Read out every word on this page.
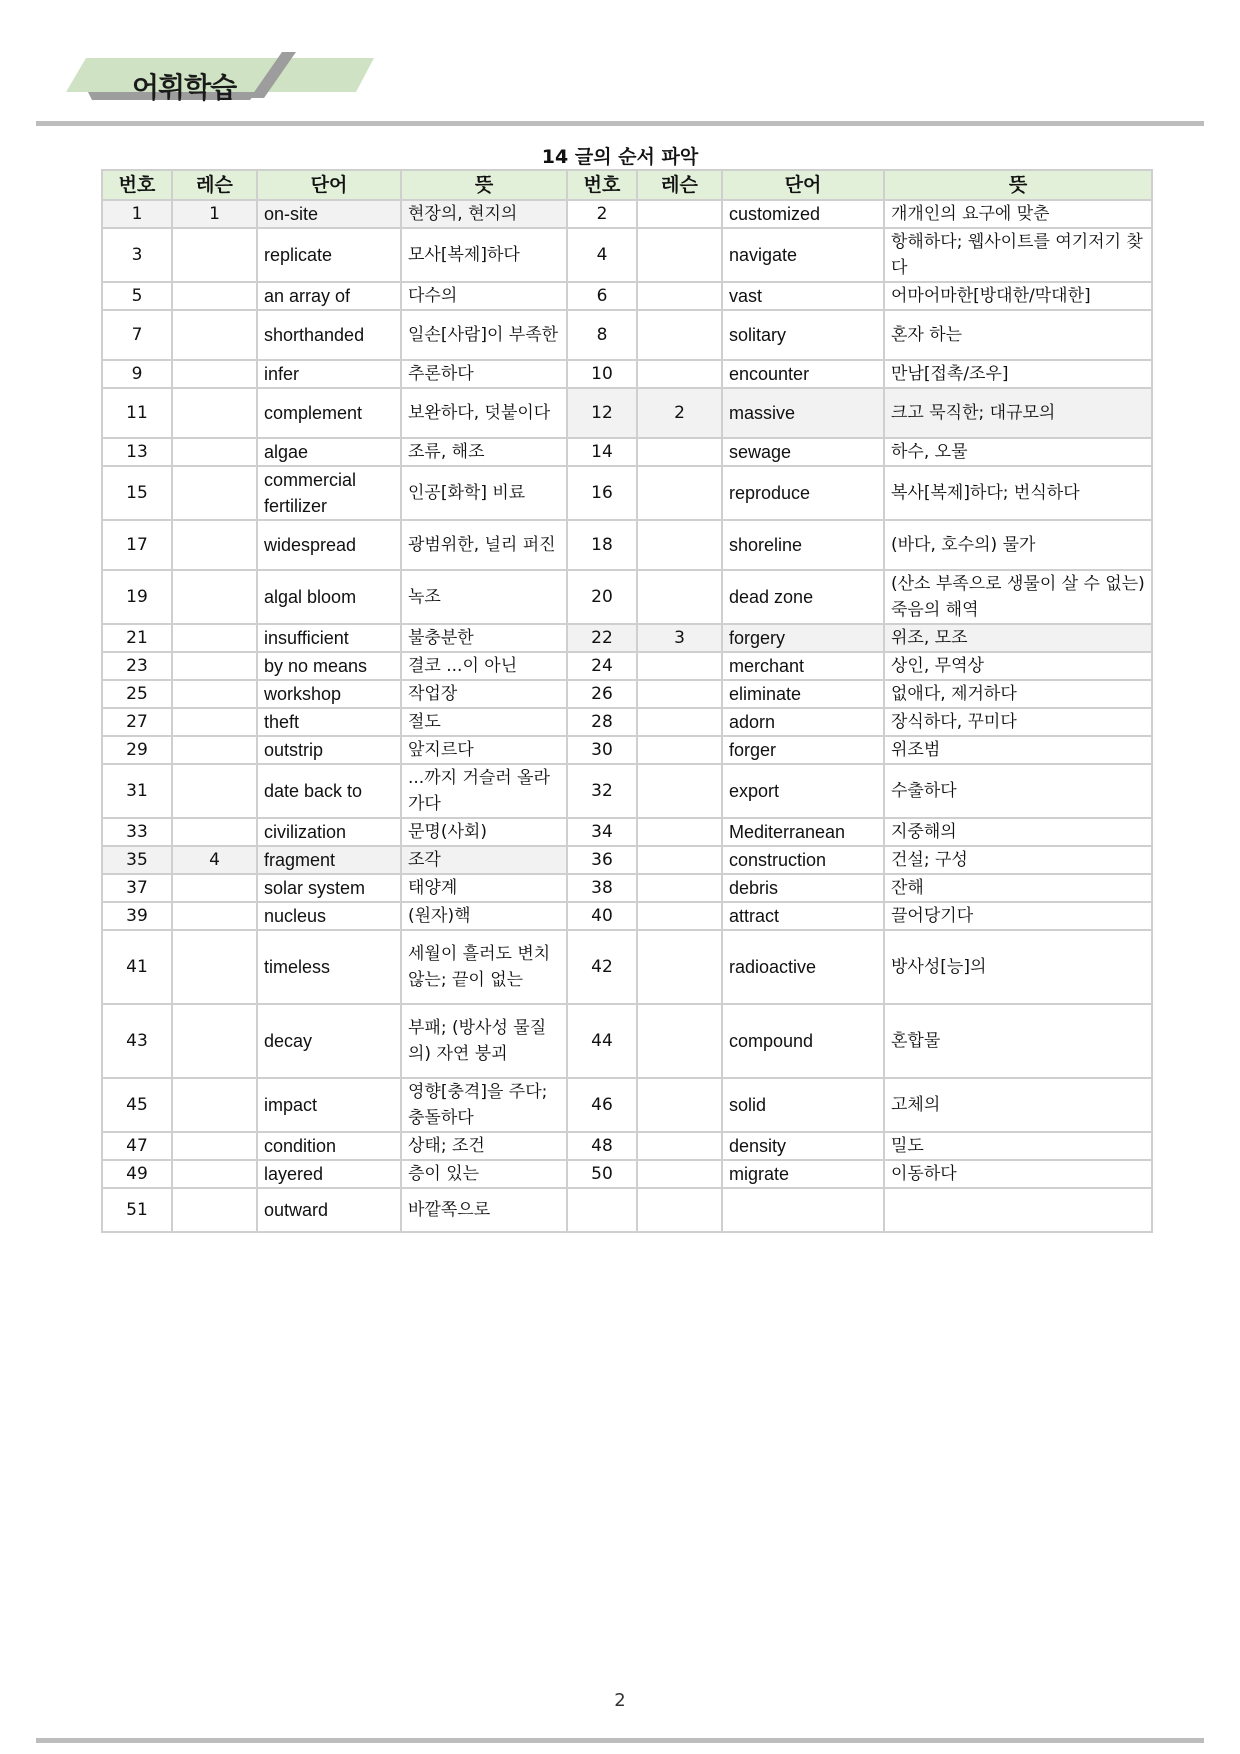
어휘학습
14 글의 순서 파악
번호	레슨	단어	뜻	번호	레슨	단어	뜻
1	1	on-site	현장의, 현지의	2		customized	개개인의 요구에 맞춘
3		replicate	모사[복제]하다	4		navigate	항해하다; 웹사이트를 여기저기 찾다
5		an array of	다수의	6		vast	어마어마한[방대한/막대한]
7		shorthanded	일손[사람]이 부족한	8		solitary	혼자 하는
9		infer	추론하다	10		encounter	만남[접촉/조우]
11		complement	보완하다, 덧붙이다	12	2	massive	크고 묵직한; 대규모의
13		algae	조류, 해조	14		sewage	하수, 오물
15		commercial fertilizer	인공[화학] 비료	16		reproduce	복사[복제]하다; 번식하다
17		widespread	광범위한, 널리 퍼진	18		shoreline	(바다, 호수의) 물가
19		algal bloom	녹조	20		dead zone	(산소 부족으로 생물이 살 수 없는) 죽음의 해역
21		insufficient	불충분한	22	3	forgery	위조, 모조
23		by no means	결코 ...이 아닌	24		merchant	상인, 무역상
25		workshop	작업장	26		eliminate	없애다, 제거하다
27		theft	절도	28		adorn	장식하다, 꾸미다
29		outstrip	앞지르다	30		forger	위조범
31		date back to	...까지 거슬러 올라가다	32		export	수출하다
33		civilization	문명(사회)	34		Mediterranean	지중해의
35	4	fragment	조각	36		construction	건설; 구성
37		solar system	태양계	38		debris	잔해
39		nucleus	(원자)핵	40		attract	끌어당기다
41		timeless	세월이 흘러도 변치 않는; 끝이 없는	42		radioactive	방사성[능]의
43		decay	부패; (방사성 물질의) 자연 붕괴	44		compound	혼합물
45		impact	영향[충격]을 주다; 충돌하다	46		solid	고체의
47		condition	상태; 조건	48		density	밀도
49		layered	층이 있는	50		migrate	이동하다
51		outward	바깥쪽으로				
2
